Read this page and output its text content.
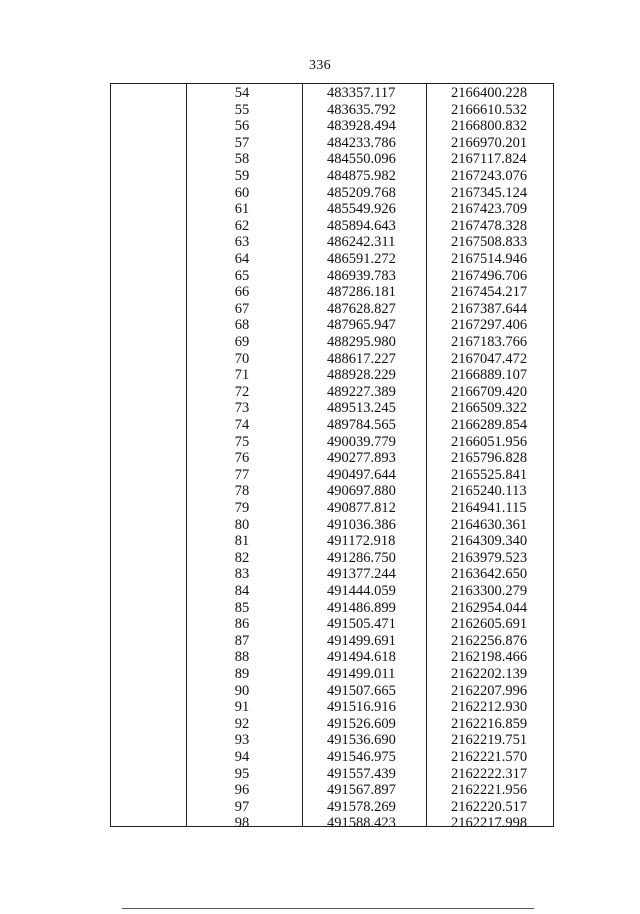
336
54	483357.117	2166400.228
55	483635.792	2166610.532
56	483928.494	2166800.832
57	484233.786	2166970.201
58	484550.096	2167117.824
59	484875.982	2167243.076
60	485209.768	2167345.124
61	485549.926	2167423.709
62	485894.643	2167478.328
63	486242.311	2167508.833
64	486591.272	2167514.946
65	486939.783	2167496.706
66	487286.181	2167454.217
67	487628.827	2167387.644
68	487965.947	2167297.406
69	488295.980	2167183.766
70	488617.227	2167047.472
71	488928.229	2166889.107
72	489227.389	2166709.420
73	489513.245	2166509.322
74	489784.565	2166289.854
75	490039.779	2166051.956
76	490277.893	2165796.828
77	490497.644	2165525.841
78	490697.880	2165240.113
79	490877.812	2164941.115
80	491036.386	2164630.361
81	491172.918	2164309.340
82	491286.750	2163979.523
83	491377.244	2163642.650
84	491444.059	2163300.279
85	491486.899	2162954.044
86	491505.471	2162605.691
87	491499.691	2162256.876
88	491494.618	2162198.466
89	491499.011	2162202.139
90	491507.665	2162207.996
91	491516.916	2162212.930
92	491526.609	2162216.859
93	491536.690	2162219.751
94	491546.975	2162221.570
95	491557.439	2162222.317
96	491567.897	2162221.956
97	491578.269	2162220.517
98	491588.423	2162217.998
